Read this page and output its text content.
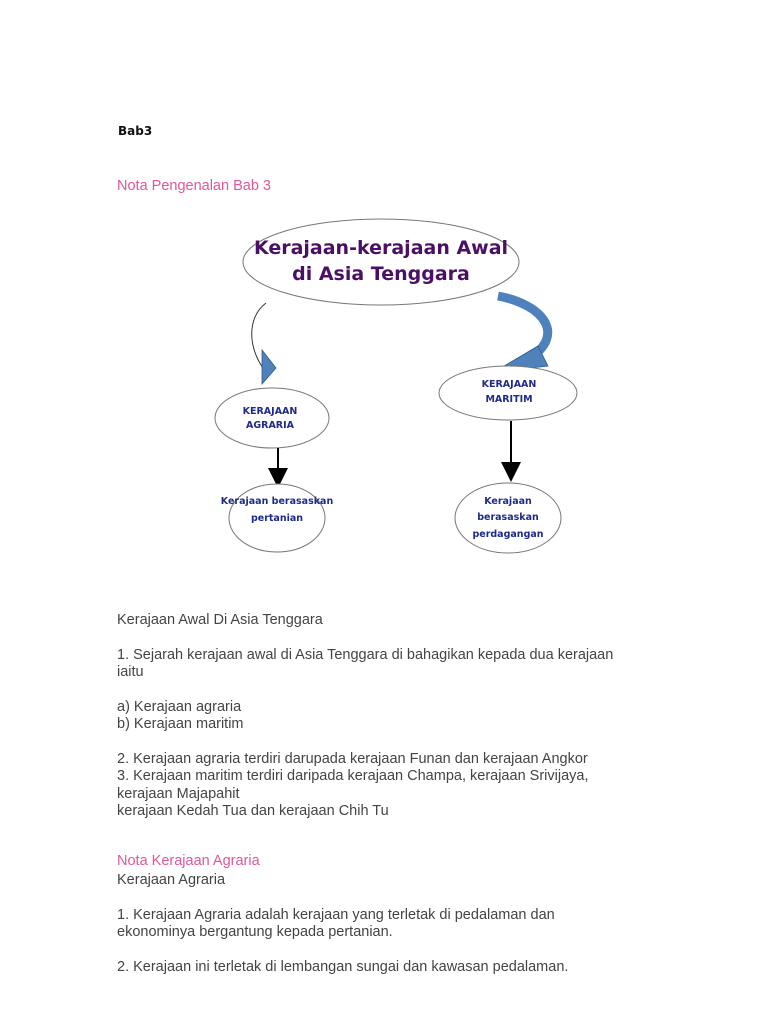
Bab3
Nota Pengenalan Bab 3
Kerajaan-kerajaan Awal
di Asia Tenggara
KERAJAAN
AGRARIA
KERAJAAN
MARITIM
Kerajaan berasaskan
pertanian
Kerajaan
berasaskan
perdagangan
Kerajaan Awal Di Asia Tenggara
1. Sejarah kerajaan awal di Asia Tenggara di bahagikan kepada dua kerajaan
iaitu
a) Kerajaan agraria
b) Kerajaan maritim
2. Kerajaan agraria terdiri darupada kerajaan Funan dan kerajaan Angkor
3. Kerajaan maritim terdiri daripada kerajaan Champa, kerajaan Srivijaya,
kerajaan Majapahit
kerajaan Kedah Tua dan kerajaan Chih Tu
Nota Kerajaan Agraria
Kerajaan Agraria
1. Kerajaan Agraria adalah kerajaan yang terletak di pedalaman dan
ekonominya bergantung kepada pertanian.
2. Kerajaan ini terletak di lembangan sungai dan kawasan pedalaman.
